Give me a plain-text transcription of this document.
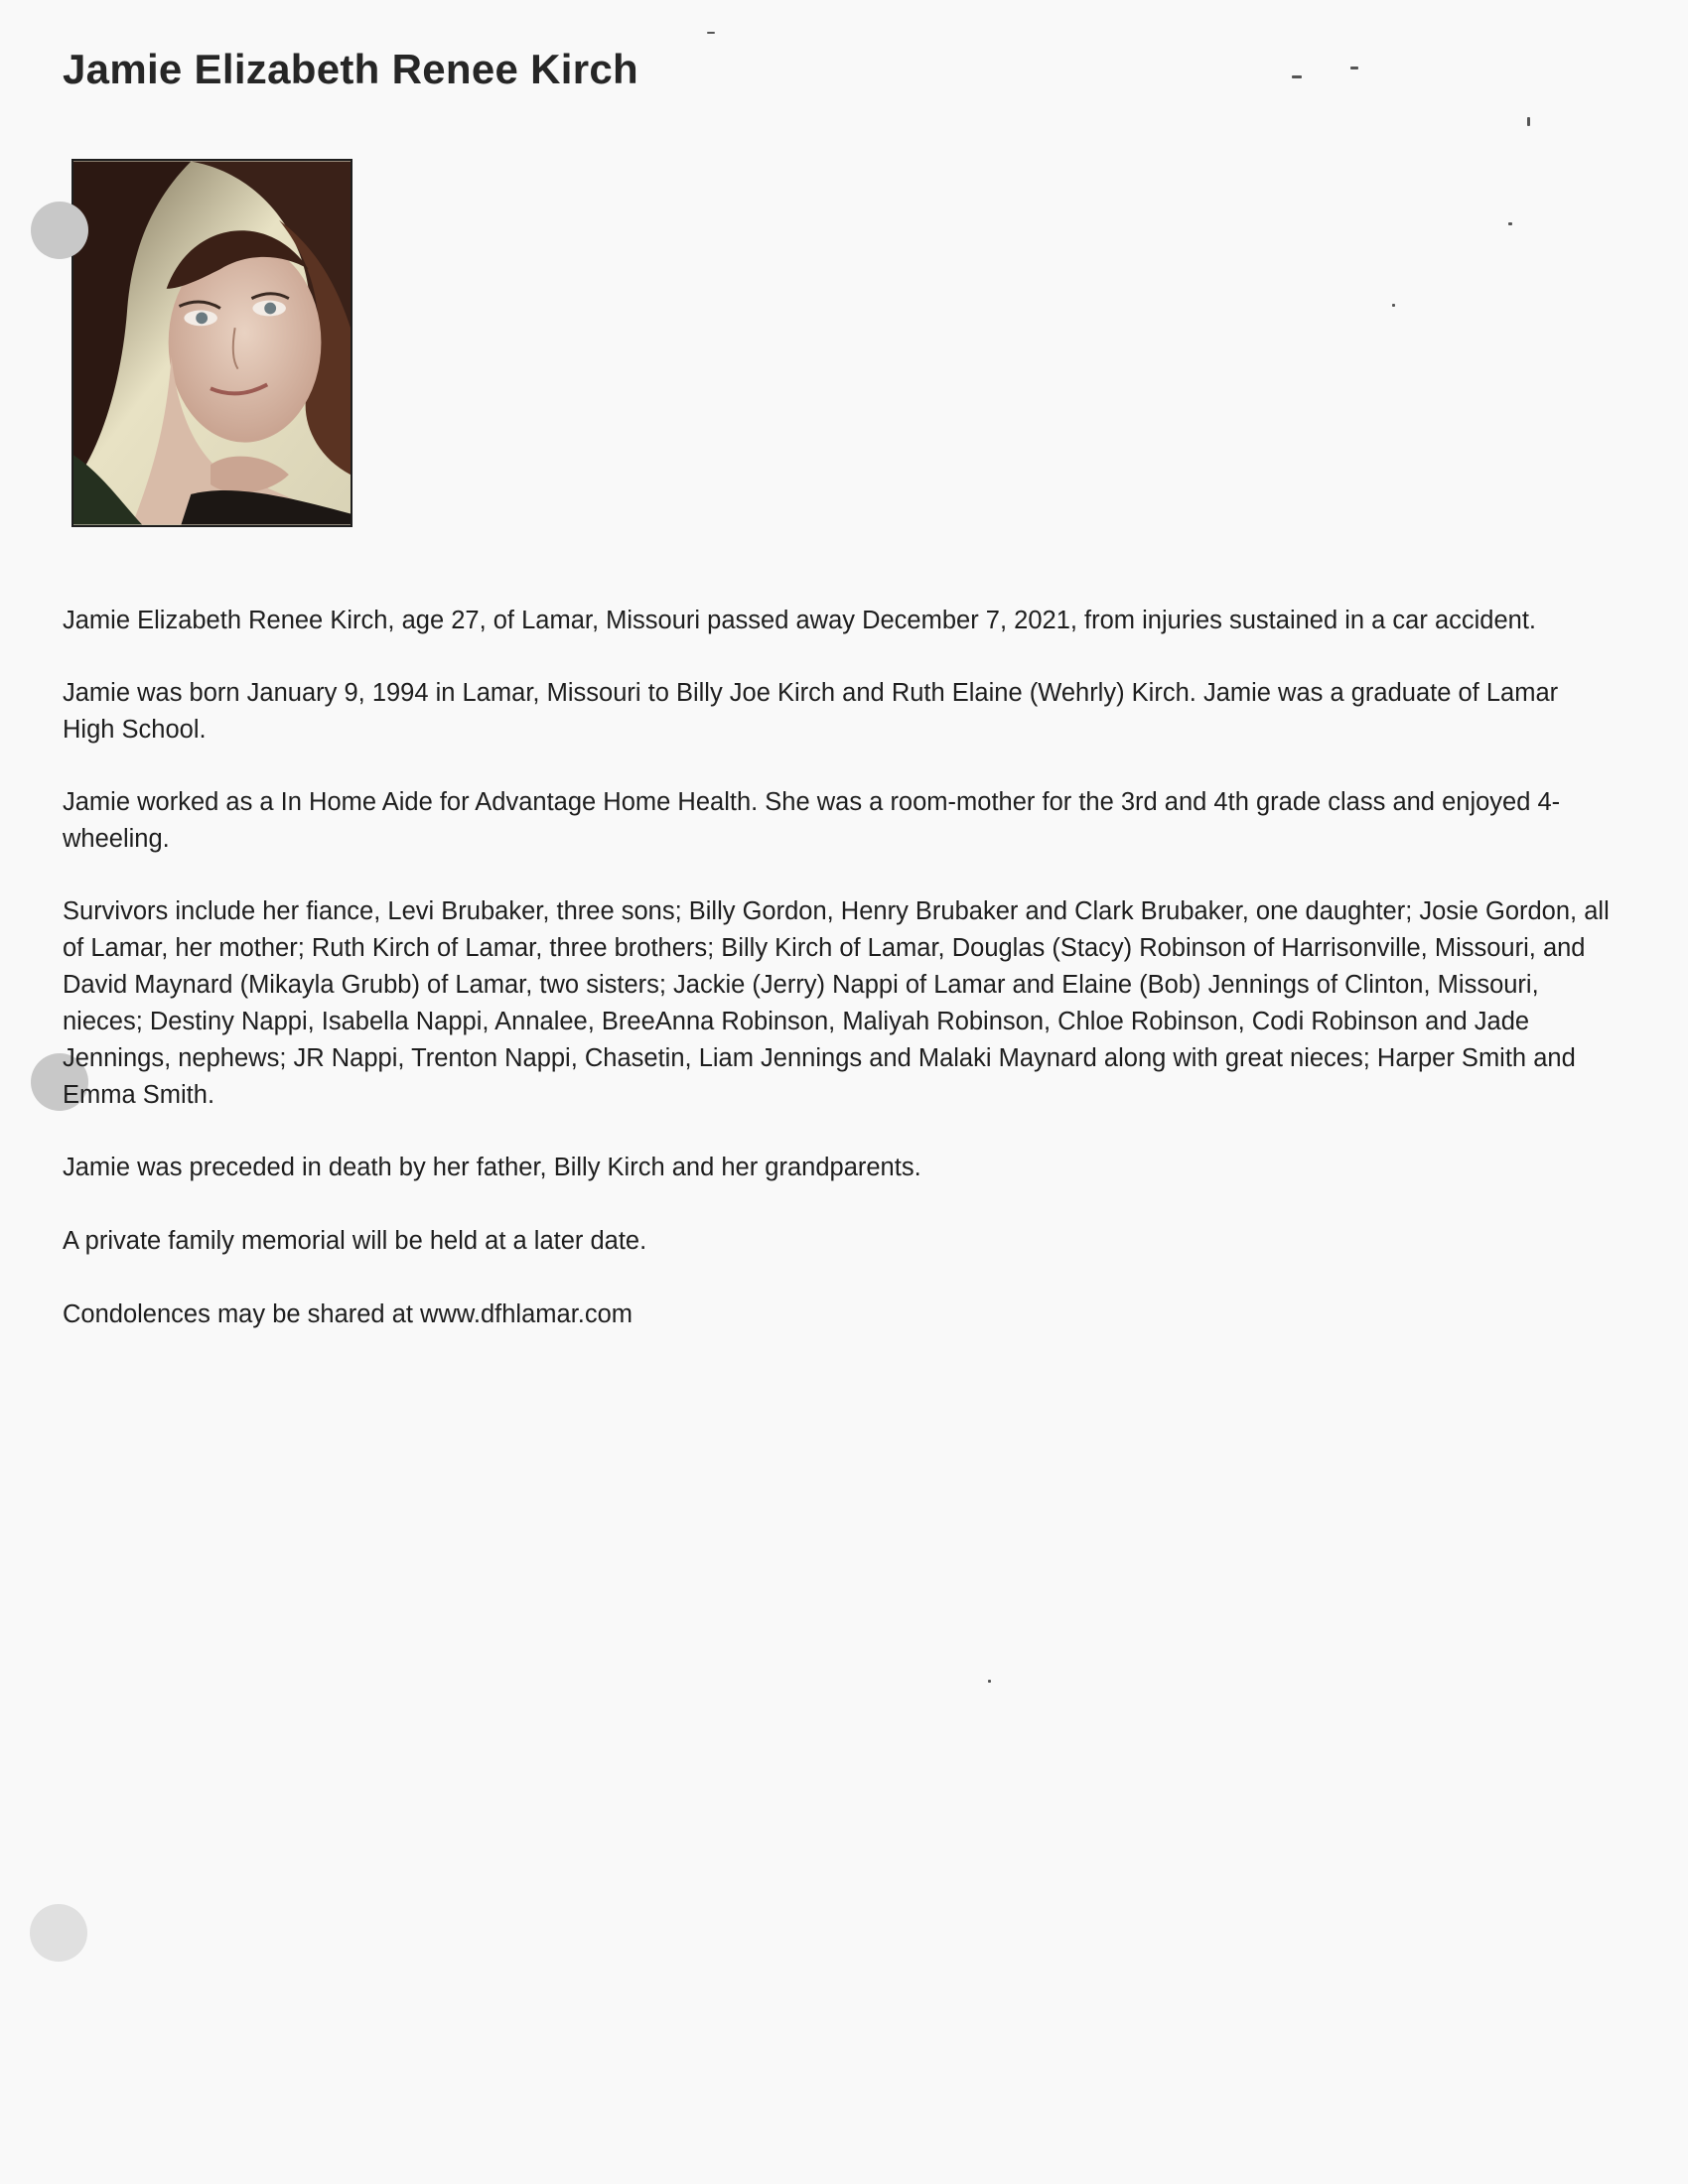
Jamie Elizabeth Renee Kirch

Jamie Elizabeth Renee Kirch, age 27, of Lamar, Missouri passed away December 7, 2021, from injuries sustained in a car accident.

Jamie was born January 9, 1994 in Lamar, Missouri to Billy Joe Kirch and Ruth Elaine (Wehrly) Kirch. Jamie was a graduate of Lamar High School.

Jamie worked as a In Home Aide for Advantage Home Health. She was a room-mother for the 3rd and 4th grade class and enjoyed 4-wheeling.

Survivors include her fiance, Levi Brubaker, three sons; Billy Gordon, Henry Brubaker and Clark Brubaker, one daughter; Josie Gordon, all of Lamar, her mother; Ruth Kirch of Lamar, three brothers; Billy Kirch of Lamar, Douglas (Stacy) Robinson of Harrisonville, Missouri, and David Maynard (Mikayla Grubb) of Lamar, two sisters; Jackie (Jerry) Nappi of Lamar and Elaine (Bob) Jennings of Clinton, Missouri, nieces; Destiny Nappi, Isabella Nappi, Annalee, BreeAnna Robinson, Maliyah Robinson, Chloe Robinson, Codi Robinson and Jade Jennings, nephews; JR Nappi, Trenton Nappi, Chasetin, Liam Jennings and Malaki Maynard along with great nieces; Harper Smith and Emma Smith.

Jamie was preceded in death by her father, Billy Kirch and her grandparents.

A private family memorial will be held at a later date.

Condolences may be shared at www.dfhlamar.com
